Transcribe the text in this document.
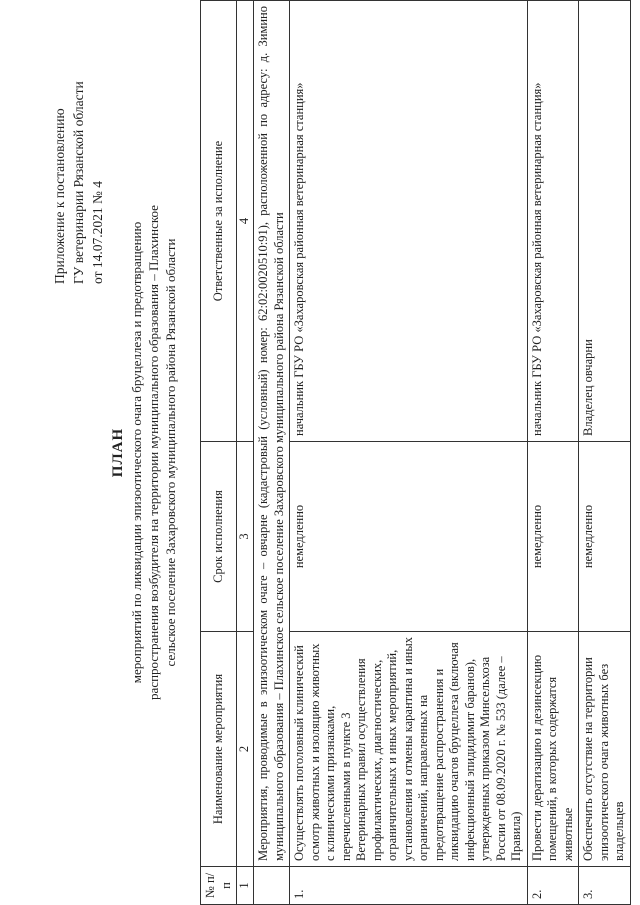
Приложение к постановлению ГУ ветеринарии Рязанской области от 14.07.2021 № 4
ПЛАН мероприятий по ликвидации эпизоотического очага бруцеллеза и предотвращению распространения возбудителя на территории муниципального образования – Плахинское сельское поселение Захаровского муниципального района Рязанской области
№ п/п	Наименование мероприятия	Срок исполнения	Ответственные за исполнение
1	2	3	4
	Мероприятия, проводимые в эпизоотическом очаге – овчарне (кадастровый (условный) номер: 62:02:0020510:91), расположенной по адресу: д. Зимино муниципального образования – Плахинское сельское поселение Захаровского муниципального района Рязанской области		
1.	Осуществлять поголовный клинический осмотр животных и изоляцию животных с клиническими признаками, перечисленными в пункте 3 Ветеринарных правил осуществления профилактических, диагностических, ограничительных и иных мероприятий, установления и отмены карантина и иных ограничений, направленных на предотвращение распространения и ликвидацию очагов бруцеллеза (включая инфекционный эпидидимит баранов), утвержденных приказом Минсельхоза России от 08.09.2020 г. № 533 (далее – Правила)	немедленно	начальник ГБУ РО «Захаровская районная ветеринарная станция»
2.	Провести дератизацию и дезинсекцию помещений, в которых содержатся животные	немедленно	начальник ГБУ РО «Захаровская районная ветеринарная станция»
3.	Обеспечить отсутствие на территории эпизоотического очага животных без владельцев	немедленно	Владелец овчарни
